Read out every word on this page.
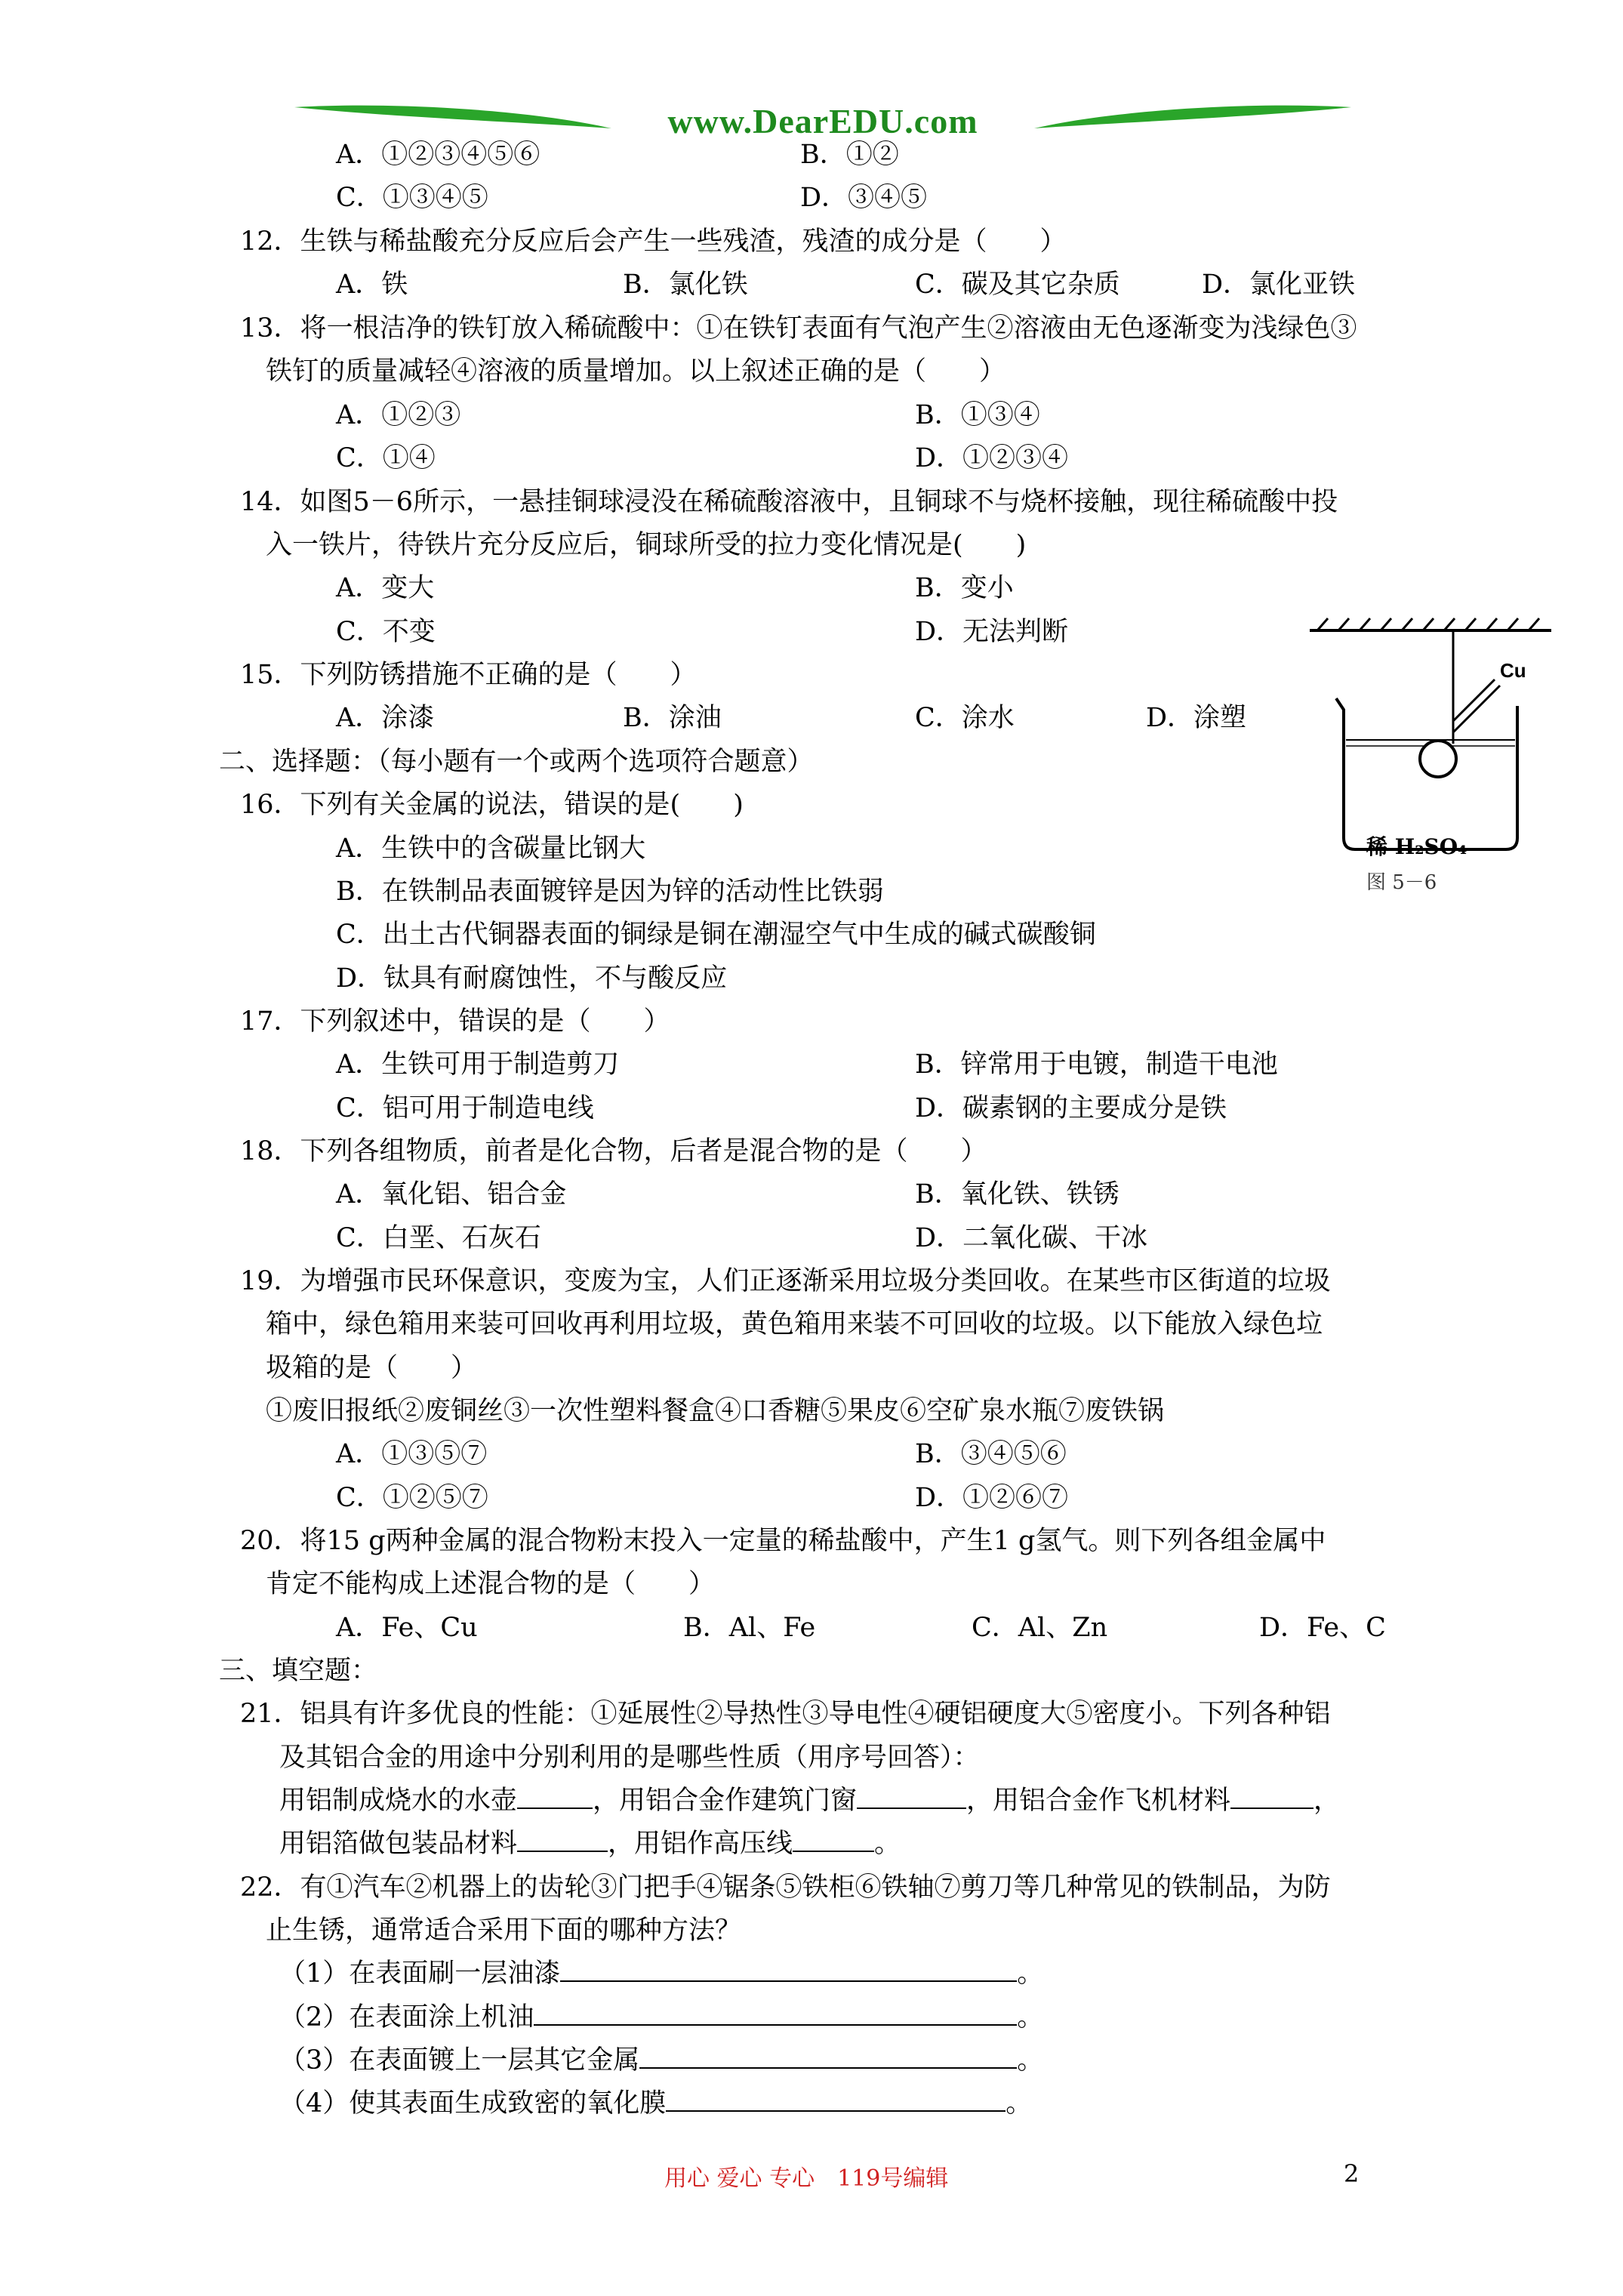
www.DearEDU.com
A．①②③④⑤⑥	B．①②
C．①③④⑤	D．③④⑤
12．生铁与稀盐酸充分反应后会产生一些残渣，残渣的成分是（　　）
A．铁	B．氯化铁	C．碳及其它杂质	D．氯化亚铁
13．将一根洁净的铁钉放入稀硫酸中：①在铁钉表面有气泡产生②溶液由无色逐渐变为浅绿色③
铁钉的质量减轻④溶液的质量增加。以上叙述正确的是（　　）
A．①②③	B．①③④
C．①④	D．①②③④
14．如图5－6所示，一悬挂铜球浸没在稀硫酸溶液中，且铜球不与烧杯接触，现往稀硫酸中投
入一铁片，待铁片充分反应后，铜球所受的拉力变化情况是(　　)
A．变大	B．变小
C．不变	D．无法判断
15．下列防锈措施不正确的是（　　）
A．涂漆	B．涂油	C．涂水	D．涂塑
Cu
稀 H₂SO₄
图 5－6
二、选择题：（每小题有一个或两个选项符合题意）
16．下列有关金属的说法，错误的是(　　)
A．生铁中的含碳量比钢大
B．在铁制品表面镀锌是因为锌的活动性比铁弱
C．出土古代铜器表面的铜绿是铜在潮湿空气中生成的碱式碳酸铜
D．钛具有耐腐蚀性，不与酸反应
17．下列叙述中，错误的是（　　）
A．生铁可用于制造剪刀	B．锌常用于电镀，制造干电池
C．铝可用于制造电线	D．碳素钢的主要成分是铁
18．下列各组物质，前者是化合物，后者是混合物的是（　　）
A．氧化铝、铝合金	B．氧化铁、铁锈
C．白垩、石灰石	D．二氧化碳、干冰
19．为增强市民环保意识，变废为宝，人们正逐渐采用垃圾分类回收。在某些市区街道的垃圾
箱中，绿色箱用来装可回收再利用垃圾，黄色箱用来装不可回收的垃圾。以下能放入绿色垃
圾箱的是（　　）
①废旧报纸②废铜丝③一次性塑料餐盒④口香糖⑤果皮⑥空矿泉水瓶⑦废铁锅
A．①③⑤⑦	B．③④⑤⑥
C．①②⑤⑦	D．①②⑥⑦
20．将15 g两种金属的混合物粉末投入一定量的稀盐酸中，产生1 g氢气。则下列各组金属中
肯定不能构成上述混合物的是（　　）
A．Fe、Cu	B．Al、Fe	C．Al、Zn	D．Fe、C
三、填空题：
21．铝具有许多优良的性能：①延展性②导热性③导电性④硬铝硬度大⑤密度小。下列各种铝
及其铝合金的用途中分别利用的是哪些性质（用序号回答）：
用铝制成烧水的水壶	，用铝合金作建筑门窗	，用铝合金作飞机材料	，
用铝箔做包装品材料	，用铝作高压线	。
22．有①汽车②机器上的齿轮③门把手④锯条⑤铁柜⑥铁轴⑦剪刀等几种常见的铁制品，为防
止生锈，通常适合采用下面的哪种方法？
（1）在表面刷一层油漆	。
（2）在表面涂上机油	。
（3）在表面镀上一层其它金属	。
（4）使其表面生成致密的氧化膜	。
用心 爱心 专心　119号编辑	2
